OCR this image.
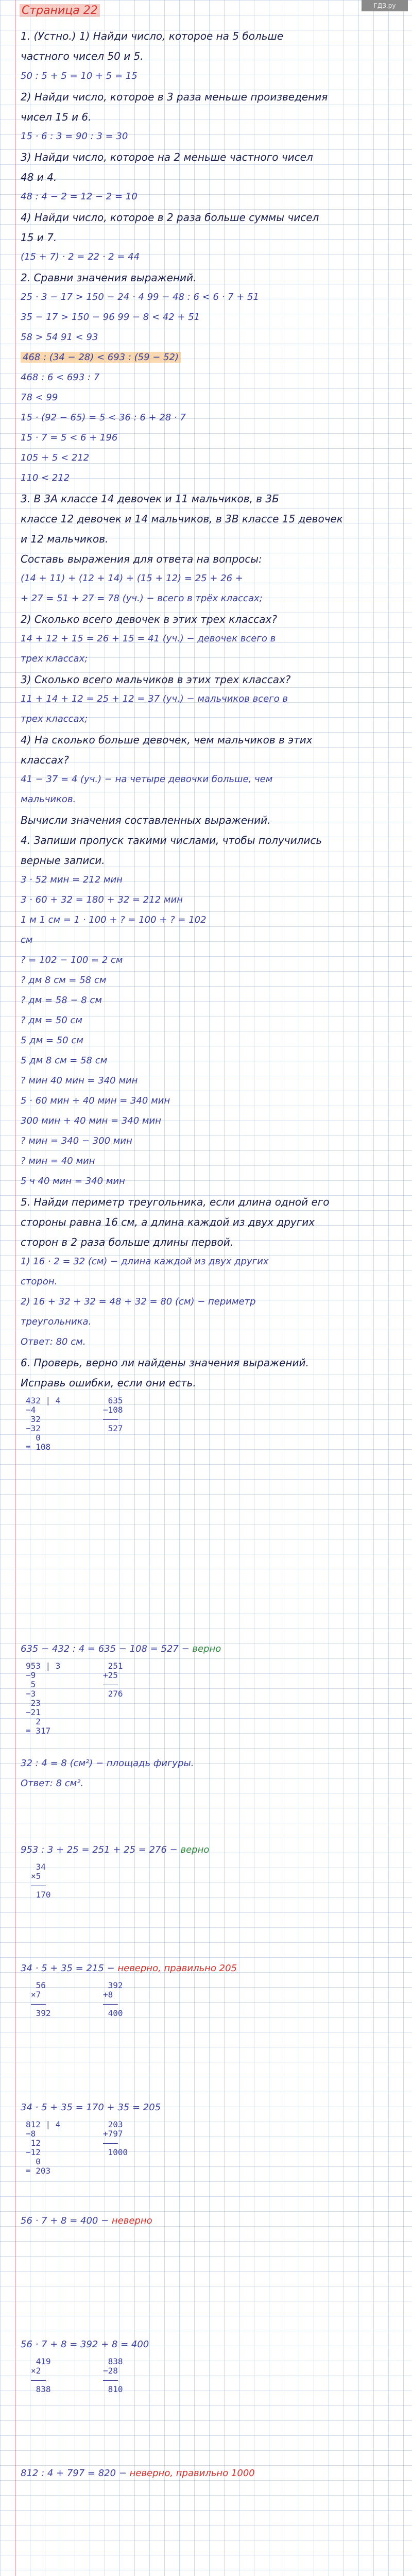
Страница 22	ГДЗ.ру
1. (Устно.) 1) Найди число, которое на 5 больше
частного чисел 50 и 5.
50 : 5 + 5 = 10 + 5 = 15
2) Найди число, которое в 3 раза меньше произведения
чисел 15 и 6.
15 · 6 : 3 = 90 : 3 = 30
3) Найди число, которое на 2 меньше частного чисел
48 и 4.
48 : 4 − 2 = 12 − 2 = 10
4) Найди число, которое в 2 раза больше суммы чисел
15 и 7.
(15 + 7) · 2 = 22 · 2 = 44
2. Сравни значения выражений.
25 · 3 − 17 > 150 − 24 · 4 99 − 48 : 6 < 6 · 7 + 51
35 − 17 > 150 − 96 99 − 8 < 42 + 51
58 > 54 91 < 93
468 : (34 − 28) < 693 : (59 − 52)
468 : 6 < 693 : 7
78 < 99
15 · (92 − 65) = 5 < 36 : 6 + 28 · 7
15 · 7 = 5 < 6 + 196
105 + 5 < 212
110 < 212
3. В 3А классе 14 девочек и 11 мальчиков, в 3Б
классе 12 девочек и 14 мальчиков, в 3В классе 15 девочек
и 12 мальчиков.
Составь выражения для ответа на вопросы:
(14 + 11) + (12 + 14) + (15 + 12) = 25 + 26 +
+ 27 = 51 + 27 = 78 (уч.) − всего в трёх классах;
2) Сколько всего девочек в этих трех классах?
14 + 12 + 15 = 26 + 15 = 41 (уч.) − девочек всего в
трех классах;
3) Сколько всего мальчиков в этих трех классах?
11 + 14 + 12 = 25 + 12 = 37 (уч.) − мальчиков всего в
трех классах;
4) На сколько больше девочек, чем мальчиков в этих
классах?
41 − 37 = 4 (уч.) − на четыре девочки больше, чем
мальчиков.
Вычисли значения составленных выражений.
4. Запиши пропуск такими числами, чтобы получились
верные записи.
3 · 52 мин = 212 мин
3 · 60 + 32 = 180 + 32 = 212 мин
1 м 1 см = 1 · 100 + ? = 100 + ? = 102
см
? = 102 − 100 = 2 см
? дм 8 см = 58 см
? дм = 58 − 8 см
? дм = 50 см
5 дм = 50 см
5 дм 8 см = 58 см
? мин 40 мин = 340 мин
5 · 60 мин + 40 мин = 340 мин
300 мин + 40 мин = 340 мин
? мин = 340 − 300 мин
? мин = 40 мин
5 ч 40 мин = 340 мин
5. Найди периметр треугольника, если длина одной его
стороны равна 16 см, а длина каждой из двух других
сторон в 2 раза больше длины первой.
1) 16 · 2 = 32 (см) − длина каждой из двух других
сторон.
2) 16 + 32 + 32 = 48 + 32 = 80 (см) − периметр
треугольника.
Ответ: 80 см.
6. Проверь, верно ли найдены значения выражений.
Исправь ошибки, если они есть.
635 − 432 : 4 = 635 − 108 = 527 − верно
953 : 3 + 25 = 251 + 25 = 276 − верно
34 · 5 + 35 = 215 − неверно, правильно 205
34 · 5 + 35 = 170 + 35 = 205
56 · 7 + 8 = 400 − неверно
56 · 7 + 8 = 392 + 8 = 400
812 : 4 + 797 = 820 − неверно, правильно 1000
32 : 4 = 8 (см²) − площадь фигуры.
Ответ: 8 см².
432 | 4
−4
32
−32
0
= 108
635
−108
———
527
953 | 3
−9
5
−3
23
−21
2
= 317
251
+25
———
276
34
×5
———
170
56
×7
———
392
392
+8
———
400
812 | 4
−8
12
−12
0
= 203
203
+797
———
1000
419
×2
———
838
838
−28
———
810
